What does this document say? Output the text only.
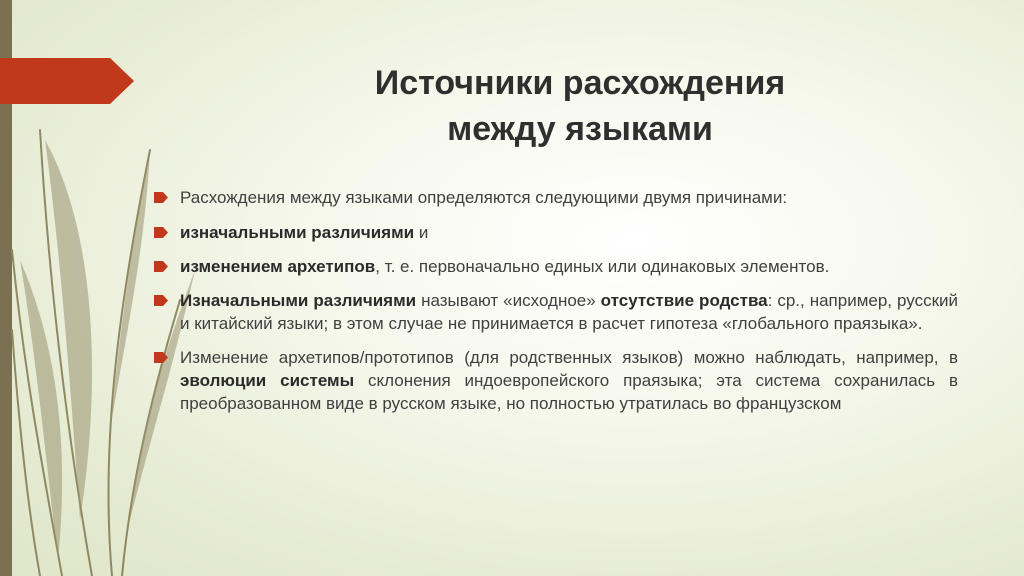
Источники расхождения
между языками
Расхождения между языками определяются следующими двумя причинами:
изначальными различиями и
изменением архетипов, т. е. первоначально единых или одинаковых элементов.
Изначальными различиями называют «исходное» отсутствие родства: ср., например, русский и китайский языки; в этом случае не принимается в расчет гипотеза «глобального праязыка».
Изменение архетипов/прототипов (для родственных языков) можно наблюдать, например, в эволюции системы склонения индоевропейского праязыка; эта система сохранилась в преобразованном виде в русском языке, но полностью утратилась во французском
